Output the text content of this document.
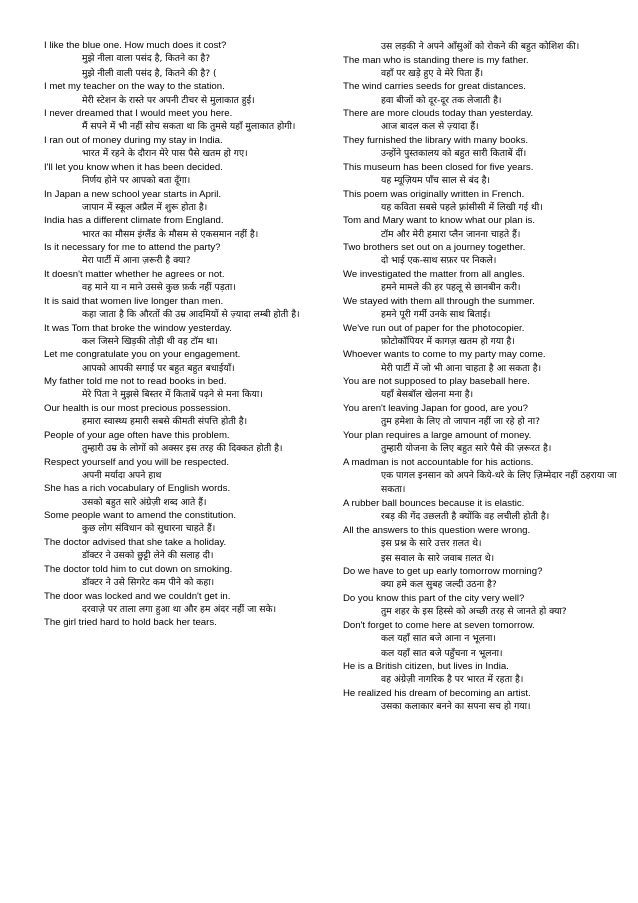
I like the blue one. How much does it cost?
मुझे नीला वाला पसंद है, कितने का है?
मुझे नीली वाली पसंद है, कितने की है? (
I met my teacher on the way to the station.
मेरी स्टेशन के रास्ते पर अपनी टीचर से मुलाकात हुई।
I never dreamed that I would meet you here.
मैं सपने में भी नहीं सोच सकता था कि तुमसे यहाँ मुलाकात होगी।
I ran out of money during my stay in India.
भारत में रहने के दौरान मेरे पास पैसे खतम हो गए।
I'll let you know when it has been decided.
निर्णय होने पर आपको बता दूँगा।
In Japan a new school year starts in April.
जापान में स्कूल अप्रैल में शुरू होता है।
India has a different climate from England.
भारत का मौसम इंग्लैंड के मौसम से एकसमान नहीं है।
Is it necessary for me to attend the party?
मेरा पार्टी में आना ज़रूरी है क्या?
It doesn't matter whether he agrees or not.
वह माने या न माने उससे कुछ फ़र्क नहीं पड़ता।
It is said that women live longer than men.
कहा जाता है कि औरतों की उम्र आदमियों से ज़्यादा लम्बी होती है।
It was Tom that broke the window yesterday.
कल जिसने खिड़की तोड़ी थी वह टॉम था।
Let me congratulate you on your engagement.
आपको आपकी सगाई पर बहुत बहुत बधाईयाँ।
My father told me not to read books in bed.
मेरे पिता ने मुझसे बिस्तर में किताबें पढ़ने से मना किया।
Our health is our most precious possession.
हमारा स्वास्थ्य हमारी सबसे कीमती संपत्ति होती है।
People of your age often have this problem.
तुम्हारी उम्र के लोगों को अक्सर इस तरह की दिक्कत होती है।
Respect yourself and you will be respected.
अपनी मर्यादा अपने हाथ
She has a rich vocabulary of English words.
उसको बहुत सारे अंग्रेज़ी शब्द आते हैं।
Some people want to amend the constitution.
कुछ लोग संविधान को सुधारना चाहते हैं।
The doctor advised that she take a holiday.
डॉक्टर ने उसको छुट्टी लेने की सलाह दी।
The doctor told him to cut down on smoking.
डॉक्टर ने उसे सिगरेट कम पीने को कहा।
The door was locked and we couldn't get in.
दरवाज़े पर ताला लगा हुआ था और हम अंदर नहीं जा सके।
The girl tried hard to hold back her tears.
उस लड़की ने अपने आँसुओं को रोकने की बहुत कोशिश की।
The man who is standing there is my father.
वहाँ पर खड़े हुए वे मेरे पिता हैं।
The wind carries seeds for great distances.
हवा बीजों को दूर-दूर तक लेजाती है।
There are more clouds today than yesterday.
आज बादल कल से ज़्यादा हैं।
They furnished the library with many books.
उन्होंने पुस्तकालय को बहुत सारी किताबें दीं।
This museum has been closed for five years.
यह म्यूज़ियम पाँच साल से बंद है।
This poem was originally written in French.
यह कविता सबसे पहले फ़्रांसीसी में लिखी गई थी।
Tom and Mary want to know what our plan is.
टॉम और मेरी हमारा प्लैन जानना चाहते हैं।
Two brothers set out on a journey together.
दो भाई एक-साथ सफ़र पर निकले।
We investigated the matter from all angles.
हमने मामले की हर पहलू से छानबीन करी।
We stayed with them all through the summer.
हमने पूरी गर्मी उनके साथ बिताई।
We've run out of paper for the photocopier.
फ़ोटोकॉपियर में कागज़ खतम हो गया है।
Whoever wants to come to my party may come.
मेरी पार्टी में जो भी आना चाहता है आ सकता है।
You are not supposed to play baseball here.
यहाँ बेसबॉल खेलना मना है।
You aren't leaving Japan for good, are you?
तुम हमेशा के लिए तो जापान नहीं जा रहे हो ना?
Your plan requires a large amount of money.
तुम्हारी योजना के लिए बहुत सारे पैसे की ज़रूरत है।
A madman is not accountable for his actions.
एक पागल इनसान को अपने किये-धरे के लिए ज़िम्मेदार नहीं ठहराया जा सकता।
A rubber ball bounces because it is elastic.
रबड़ की गेंद उछलती है क्योंकि वह लचीली होती है।
All the answers to this question were wrong.
इस प्रश्न के सारे उत्तर ग़लत थे।
इस सवाल के सारे जवाब ग़लत थे।
Do we have to get up early tomorrow morning?
क्या हमे कल सुबह जल्दी उठना है?
Do you know this part of the city very well?
तुम शहर के इस हिस्से को अच्छी तरह से जानते हो क्या?
Don't forget to come here at seven tomorrow.
कल यहाँ सात बजे आना न भूलना।
कल यहाँ सात बजे पहुँचना न भूलना।
He is a British citizen, but lives in India.
वह अंग्रेज़ी नागरिक है पर भारत में रहता है।
He realized his dream of becoming an artist.
उसका कलाकार बनने का सपना सच हो गया।
